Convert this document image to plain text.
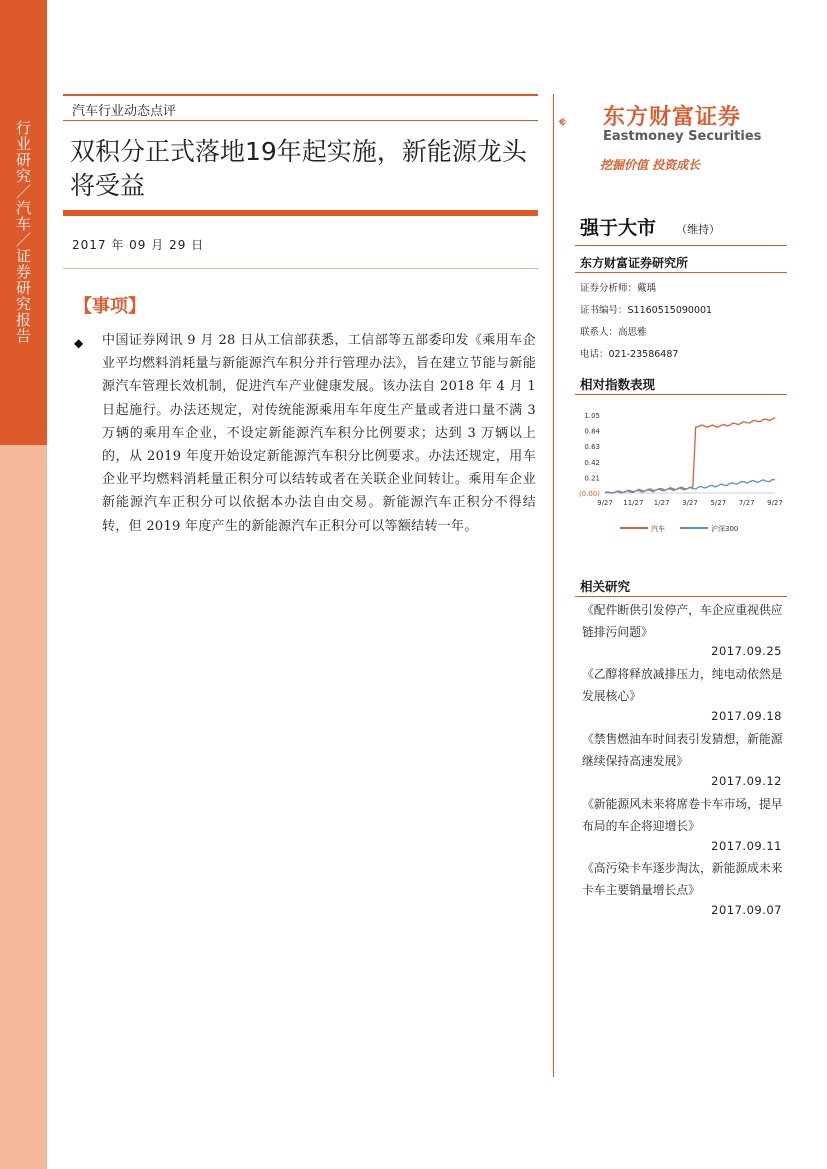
行业研究／汽车／证券研究报告
汽车行业动态点评
双积分正式落地19年起实施，新能源龙头将受益
2017 年 09 月 29 日
【事项】
◆ 中国证券网讯 9 月 28 日从工信部获悉，工信部等五部委印发《乘用车企业平均燃料消耗量与新能源汽车积分并行管理办法》，旨在建立节能与新能源汽车管理长效机制，促进汽车产业健康发展。该办法自 2018 年 4 月 1 日起施行。办法还规定，对传统能源乘用车年度生产量或者进口量不满 3 万辆的乘用车企业，不设定新能源汽车积分比例要求；达到 3 万辆以上的，从 2019 年度开始设定新能源汽车积分比例要求。办法还规定，用车企业平均燃料消耗量正积分可以结转或者在关联企业间转让。乘用车企业新能源汽车正积分可以依据本办法自由交易。新能源汽车正积分不得结转，但 2019 年度产生的新能源汽车正积分可以等额结转一年。
东方财富证券
Eastmoney Securities
挖掘价值 投资成长
强于大市 （维持）
东方财富证券研究所
证券分析师：戴瑀
证书编号：S1160515090001
联系人：高思雅
电话：021-23586487
相对指数表现
1.05
0.84
0.63
0.42
0.21
(0.00)
9/27 11/27 1/27 3/27 5/27 7/27 9/27
汽车	沪深300
相关研究
《配件断供引发停产，车企应重视供应链排污问题》
2017.09.25
《乙醇将释放减排压力，纯电动依然是发展核心》
2017.09.18
《禁售燃油车时间表引发猜想，新能源继续保持高速发展》
2017.09.12
《新能源风未来将席卷卡车市场，提早布局的车企将迎增长》
2017.09.11
《高污染卡车逐步淘汰，新能源成未来卡车主要销量增长点》
2017.09.07
